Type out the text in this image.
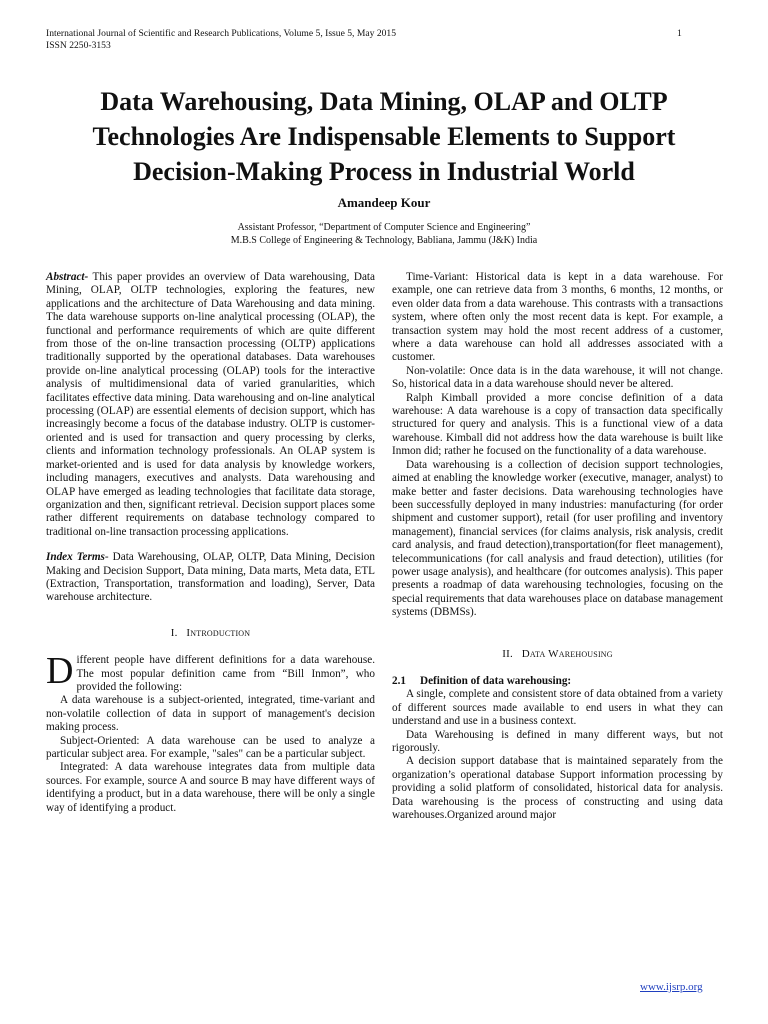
International Journal of Scientific and Research Publications, Volume 5, Issue 5, May 2015
ISSN 2250-3153
1
Data Warehousing, Data Mining, OLAP and OLTP Technologies Are Indispensable Elements to Support Decision-Making Process in Industrial World
Amandeep Kour
Assistant Professor, “Department of Computer Science and Engineering”
M.B.S College of Engineering & Technology, Babliana, Jammu (J&K) India

Abstract- This paper provides an overview of Data warehousing, Data Mining, OLAP, OLTP technologies, exploring the features, new applications and the architecture of Data Warehousing and data mining. The data warehouse supports on-line analytical processing (OLAP), the functional and performance requirements of which are quite different from those of the on-line transaction processing (OLTP) applications traditionally supported by the operational databases. Data warehouses provide on-line analytical processing (OLAP) tools for the interactive analysis of multidimensional data of varied granularities, which facilitates effective data mining. Data warehousing and on-line analytical processing (OLAP) are essential elements of decision support, which has increasingly become a focus of the database industry. OLTP is customer-oriented and is used for transaction and query processing by clerks, clients and information technology professionals. An OLAP system is market-oriented and is used for data analysis by knowledge workers, including managers, executives and analysts. Data warehousing and OLAP have emerged as leading technologies that facilitate data storage, organization and then, significant retrieval. Decision support places some rather different requirements on database technology compared to traditional on-line transaction processing applications.

Index Terms- Data Warehousing, OLAP, OLTP, Data Mining, Decision Making and Decision Support, Data mining, Data marts, Meta data, ETL (Extraction, Transportation, transformation and loading), Server, Data warehouse architecture.

I. Introduction

Different people have different definitions for a data warehouse. The most popular definition came from “Bill Inmon”, who provided the following:

A data warehouse is a subject-oriented, integrated, time-variant and non-volatile collection of data in support of management's decision making process.

Subject-Oriented: A data warehouse can be used to analyze a particular subject area. For example, "sales" can be a particular subject.

Integrated: A data warehouse integrates data from multiple data sources. For example, source A and source B may have different ways of identifying a product, but in a data warehouse, there will be only a single way of identifying a product.

Time-Variant: Historical data is kept in a data warehouse. For example, one can retrieve data from 3 months, 6 months, 12 months, or even older data from a data warehouse. This contrasts with a transactions system, where often only the most recent data is kept. For example, a transaction system may hold the most recent address of a customer, where a data warehouse can hold all addresses associated with a customer.

Non-volatile: Once data is in the data warehouse, it will not change. So, historical data in a data warehouse should never be altered.

Ralph Kimball provided a more concise definition of a data warehouse: A data warehouse is a copy of transaction data specifically structured for query and analysis. This is a functional view of a data warehouse. Kimball did not address how the data warehouse is built like Inmon did; rather he focused on the functionality of a data warehouse.

Data warehousing is a collection of decision support technologies, aimed at enabling the knowledge worker (executive, manager, analyst) to make better and faster decisions. Data warehousing technologies have been successfully deployed in many industries: manufacturing (for order shipment and customer support), retail (for user profiling and inventory management), financial services (for claims analysis, risk analysis, credit card analysis, and fraud detection),transportation(for fleet management), telecommunications (for call analysis and fraud detection), utilities (for power usage analysis), and healthcare (for outcomes analysis). This paper presents a roadmap of data warehousing technologies, focusing on the special requirements that data warehouses place on database management systems (DBMSs).

II. Data Warehousing

2.1 Definition of data warehousing:

A single, complete and consistent store of data obtained from a variety of different sources made available to end users in what they can understand and use in a business context.

Data Warehousing is defined in many different ways, but not rigorously.

A decision support database that is maintained separately from the organization’s operational database Support information processing by providing a solid platform of consolidated, historical data for analysis. Data warehousing is the process of constructing and using data warehouses.Organized around major

www.ijsrp.org
